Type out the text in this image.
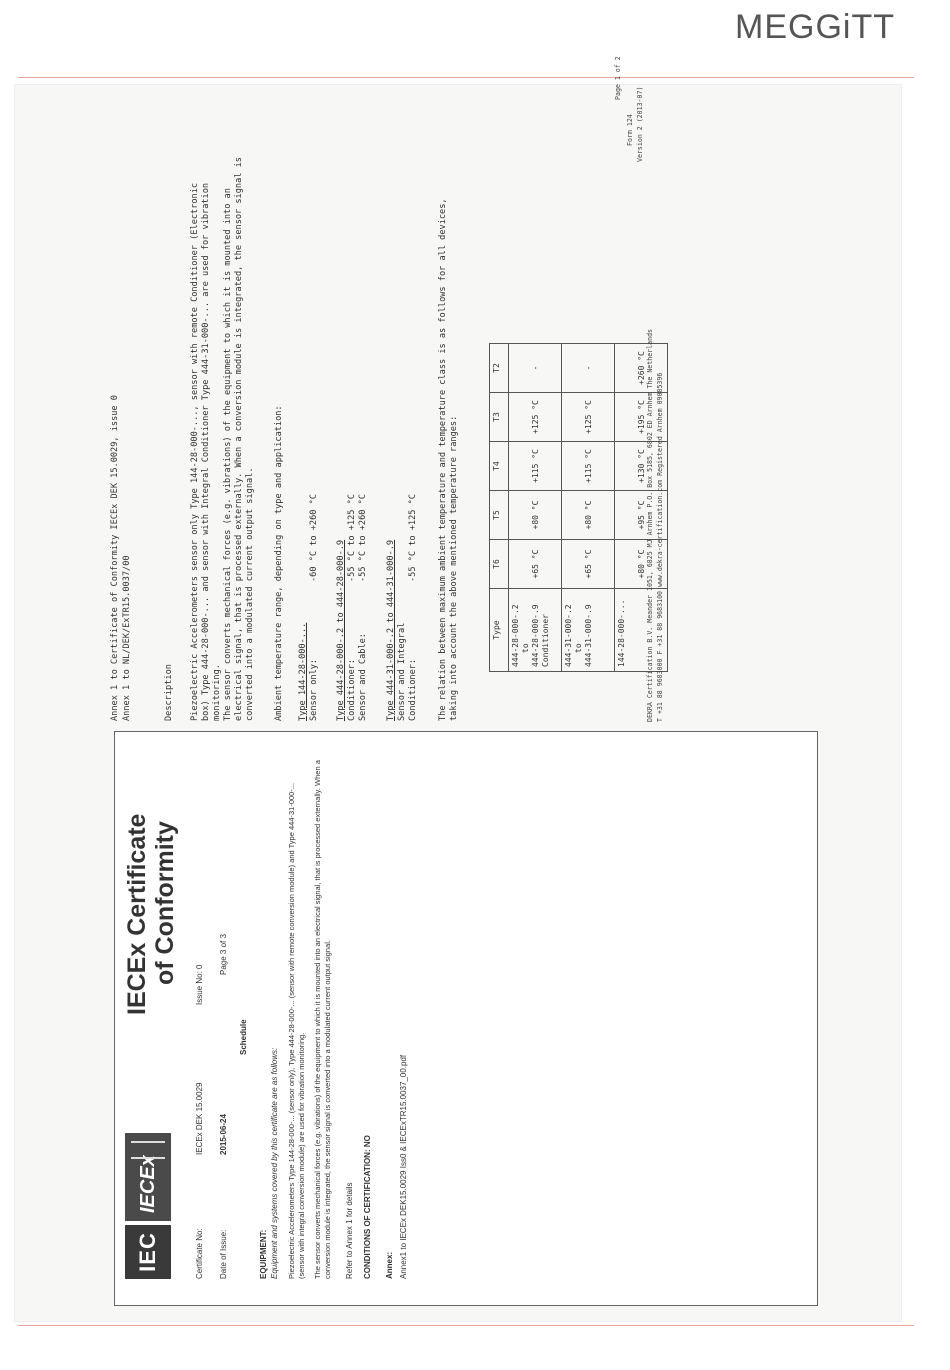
MEGGiTT
IEC
IECEx
IECEx Certificate of Conformity
Certificate No:
IECEx DEK 15.0029
Issue No: 0
Date of Issue:
2015-06-24
Page 3 of 3
Schedule
EQUIPMENT: Equipment and systems covered by this certificate are as follows: Piezoelectric Accelerometers Type 144-28-000-... (sensor only), Type 444-28-000-... (sensor with remote conversion module) and Type 444-31-000-... (sensor with integral conversion module) are used for vibration monitoring. The sensor converts mechanical forces (e.g. vibrations) of the equipment to which it is mounted into an electrical signal, that is processed externally. When a conversion module is integrated, the sensor signal is converted into a modulated current output signal. Refer to Annex 1 for details CONDITIONS OF CERTIFICATION: NO Annex: Annex1 to IECEx DEK15.0029 Iss0 & IECExTR15.0037_00.pdf
Annex 1 to Certificate of Conformity IECEx DEK 15.0029, issue 0 Annex 1 to NL/DEK/ExTR15.0037/00	Description Piezoelectric Accelerometers sensor only Type 144-28-000-..., sensor with remote Conditioner (Electronic box) Type 444-28-000-... and sensor with Integral Conditioner Type 444-31-000-... are used for vibration monitoring. The sensor converts mechanical forces (e.g. vibrations) of the equipment to which it is mounted into an electrical signal, that is processed externally. When a conversion module is integrated, the sensor signal is converted into a modulated current output signal. Ambient temperature range, depending on type and application: Type 144-28-000-... Sensor only:
-60 °C to +260 °C
Type 444-28-000-.2 to 444-28-000-.9 Conditioner:
-55 °C to +125 °C
Sensor and Cable:
-55 °C to +260 °C
Type 444-31-000-.2 to 444-31-000-.9 Sensor and Integral Conditioner:
-55 °C to +125 °C The relation between maximum ambient temperature and temperature class is as follows for all devices, taking into account the above mentioned temperature ranges:	Type	T6	T5	T4	T3	T2

444-28-000-.2 to 444-28-000-.9 Conditioner	+65 °C	+80 °C	+115 °C	+125 °C	-

444-31-000-.2 to 444-31-000-.9	+65 °C	+80 °C	+115 °C	+125 °C	-

144-28-000-...	+80 °C	+95 °C	+130 °C	+195 °C	+260 °C
Page 1 of 2
Form 124 Version 2 (2013-07)
DEKRA Certification B.V. Meander 1051, 6825 MJ Arnhem P.O. Box 5185, 6802 ED Arnhem The Netherlands T +31 88 9683000 F +31 88 9683100 www.dekra-certification.com Registered Arnhem 09085396
